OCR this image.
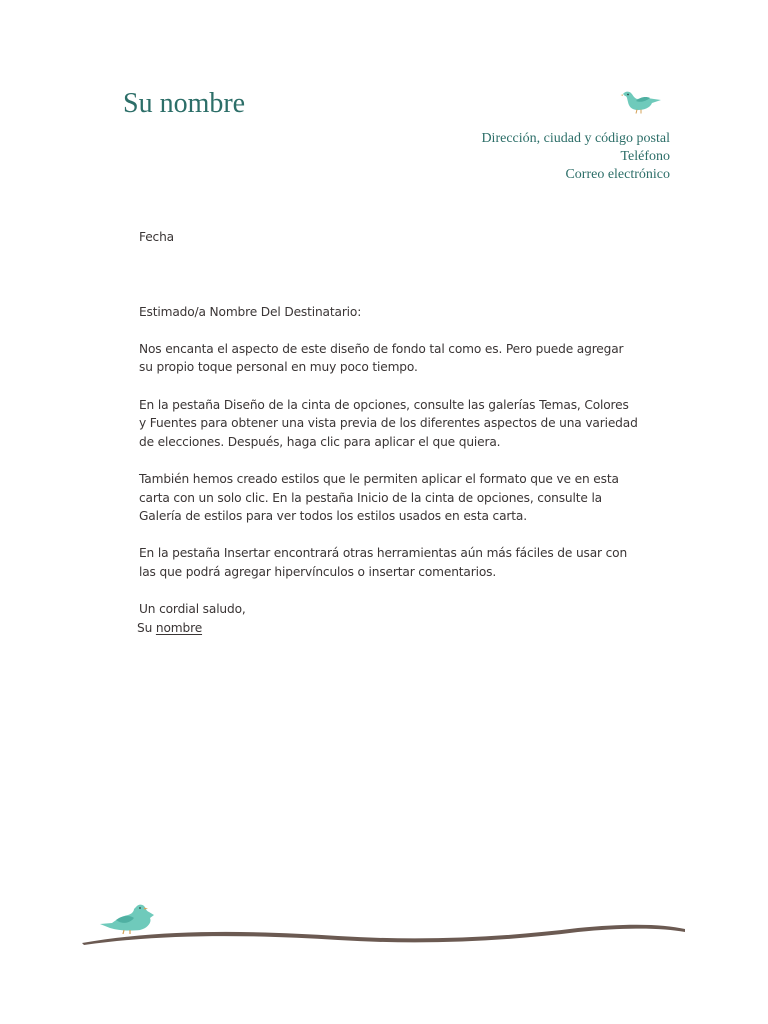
Su nombre
Dirección, ciudad y código postal
Teléfono
Correo electrónico

Fecha

Estimado/a Nombre Del Destinatario:

Nos encanta el aspecto de este diseño de fondo tal como es. Pero puede agregar su propio toque personal en muy poco tiempo.

En la pestaña Diseño de la cinta de opciones, consulte las galerías Temas, Colores y Fuentes para obtener una vista previa de los diferentes aspectos de una variedad de elecciones. Después, haga clic para aplicar el que quiera.

También hemos creado estilos que le permiten aplicar el formato que ve en esta carta con un solo clic. En la pestaña Inicio de la cinta de opciones, consulte la Galería de estilos para ver todos los estilos usados en esta carta.

En la pestaña Insertar encontrará otras herramientas aún más fáciles de usar con las que podrá agregar hipervínculos o insertar comentarios.

Un cordial saludo,

Su nombre
